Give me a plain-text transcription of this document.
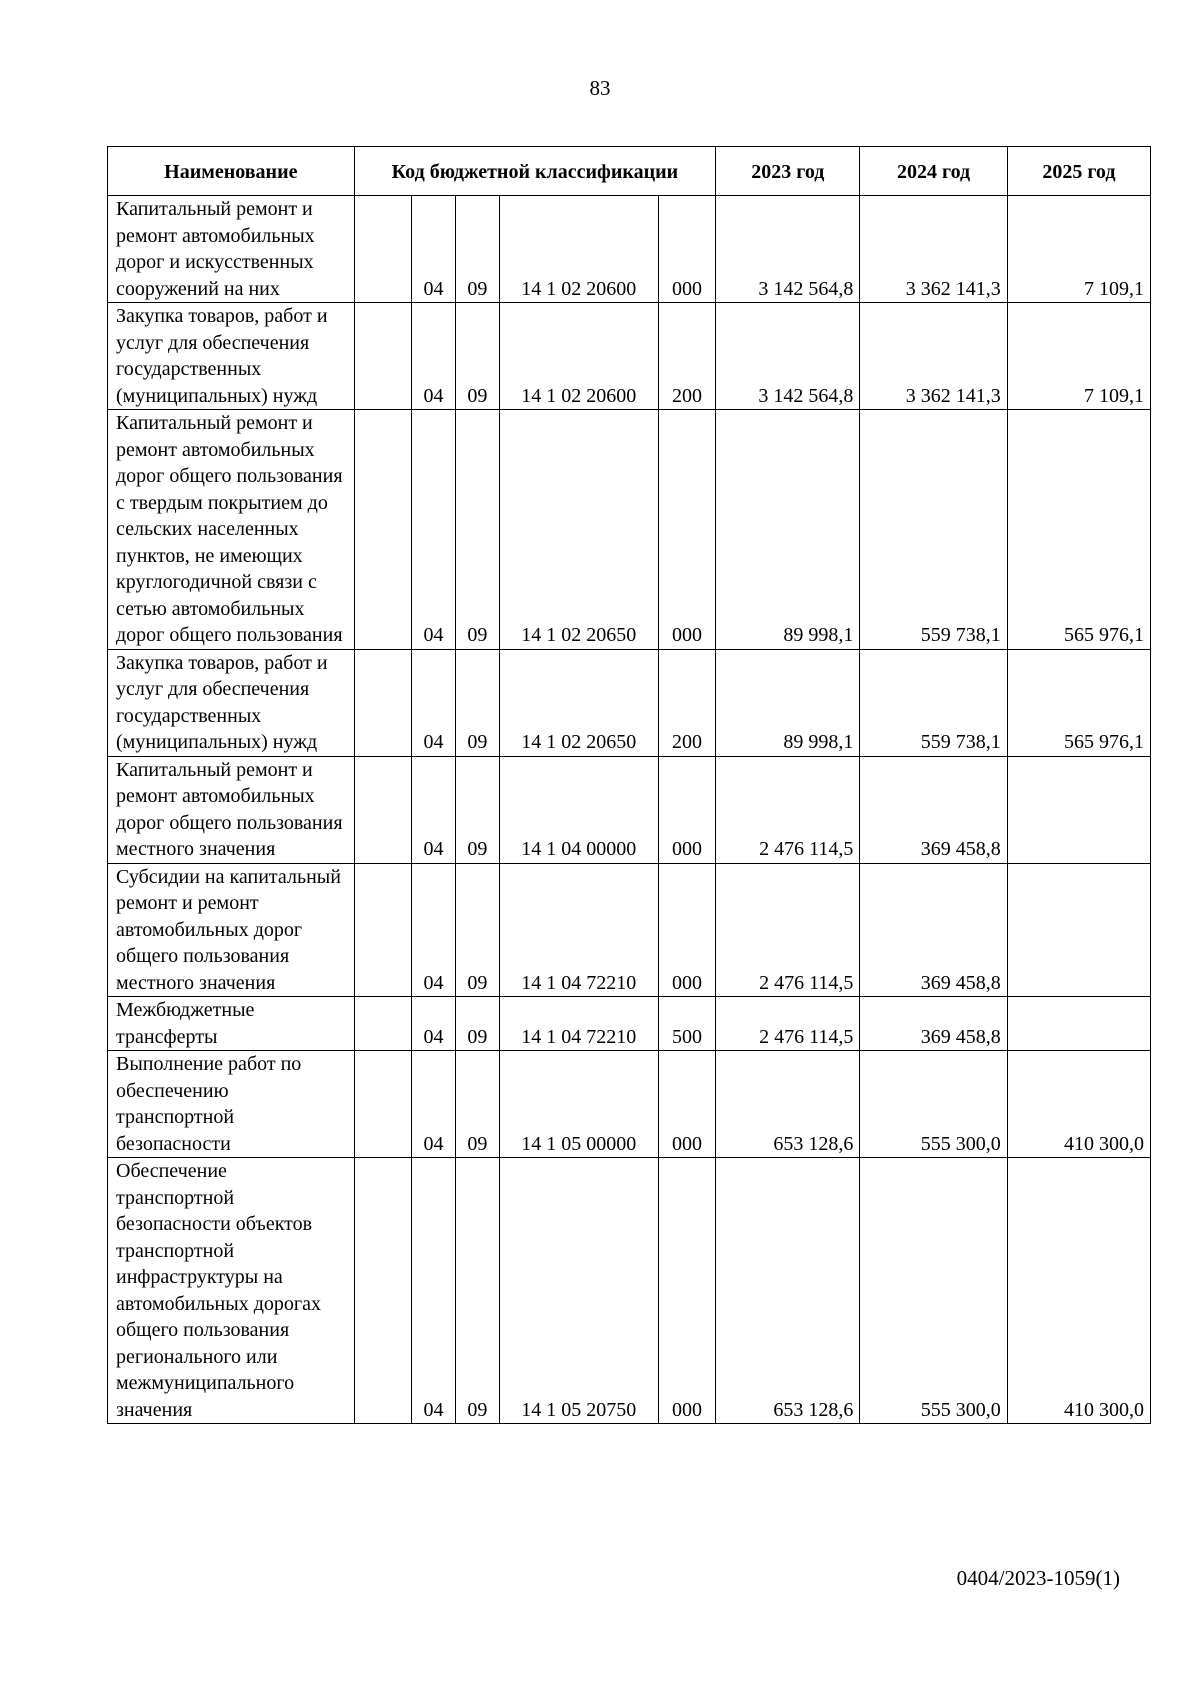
83
Наименование	Код бюджетной классификации					2023 год	2024 год	2025 год
Капитальный ремонт и ремонт автомобильных дорог и искусственных сооружений на них		04	09	14 1 02 20600	000	3 142 564,8	3 362 141,3	7 109,1
Закупка товаров, работ и услуг для обеспечения государственных (муниципальных) нужд		04	09	14 1 02 20600	200	3 142 564,8	3 362 141,3	7 109,1
Капитальный ремонт и ремонт автомобильных дорог общего пользования с твердым покрытием до сельских населенных пунктов, не имеющих круглогодичной связи с сетью автомобильных дорог общего пользования		04	09	14 1 02 20650	000	89 998,1	559 738,1	565 976,1
Закупка товаров, работ и услуг для обеспечения государственных (муниципальных) нужд		04	09	14 1 02 20650	200	89 998,1	559 738,1	565 976,1
Капитальный ремонт и ремонт автомобильных дорог общего пользования местного значения		04	09	14 1 04 00000	000	2 476 114,5	369 458,8	
Субсидии на капитальный ремонт и ремонт автомобильных дорог общего пользования местного значения		04	09	14 1 04 72210	000	2 476 114,5	369 458,8	
Межбюджетные трансферты		04	09	14 1 04 72210	500	2 476 114,5	369 458,8	
Выполнение работ по обеспечению транспортной безопасности		04	09	14 1 05 00000	000	653 128,6	555 300,0	410 300,0
Обеспечение транспортной безопасности объектов транспортной инфраструктуры на автомобильных дорогах общего пользования регионального или межмуниципального значения		04	09	14 1 05 20750	000	653 128,6	555 300,0	410 300,0
0404/2023-1059(1)
